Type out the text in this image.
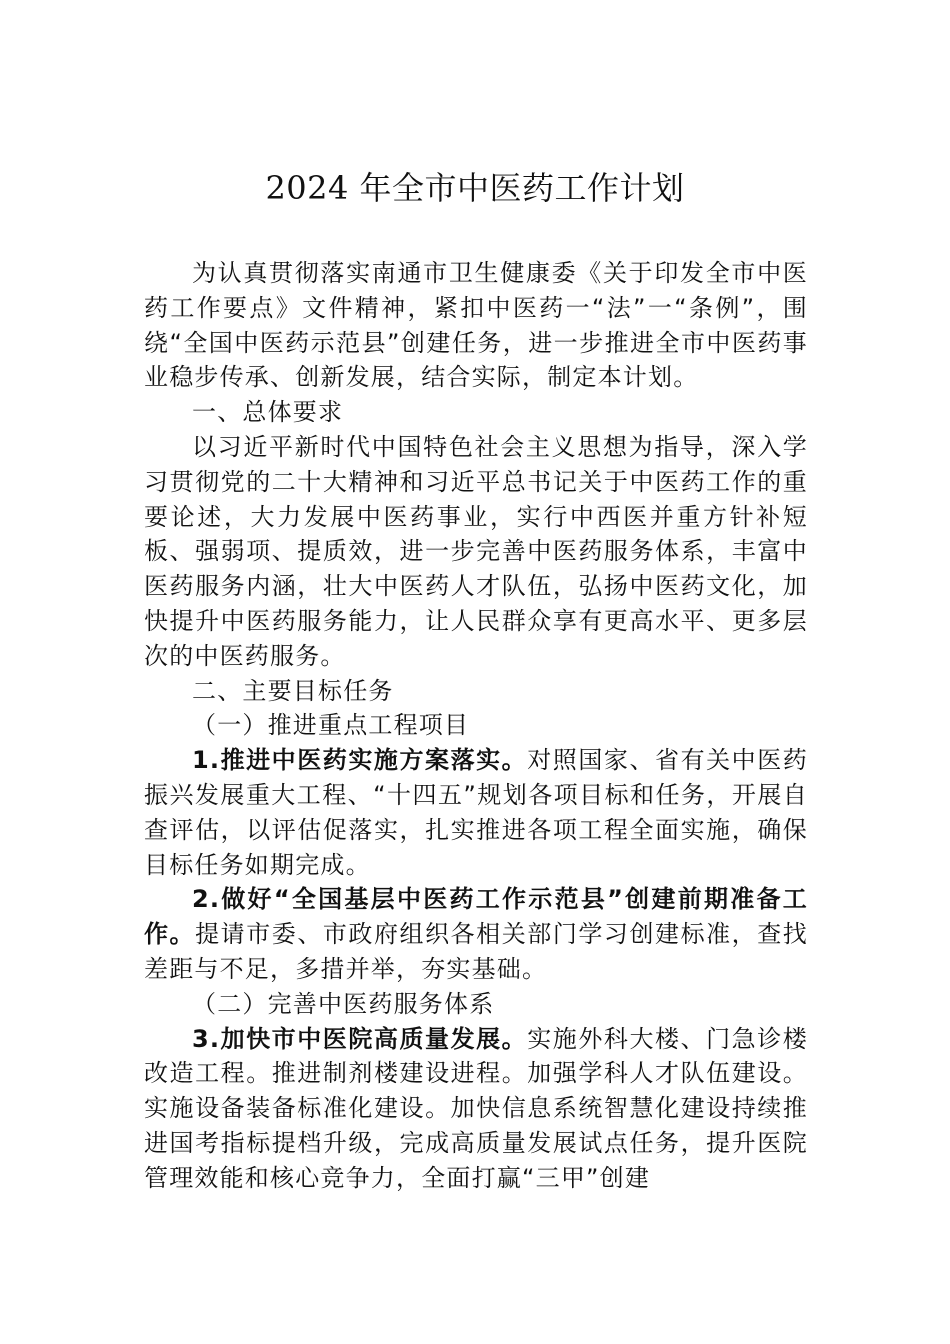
2024 年全市中医药工作计划

为认真贯彻落实南通市卫生健康委《关于印发全市中医药工作要点》文件精神，紧扣中医药一“法”一“条例”，围绕“全国中医药示范县”创建任务，进一步推进全市中医药事业稳步传承、创新发展，结合实际，制定本计划。

一、总体要求

以习近平新时代中国特色社会主义思想为指导，深入学习贯彻党的二十大精神和习近平总书记关于中医药工作的重要论述，大力发展中医药事业，实行中西医并重方针补短板、强弱项、提质效，进一步完善中医药服务体系，丰富中医药服务内涵，壮大中医药人才队伍，弘扬中医药文化，加快提升中医药服务能力，让人民群众享有更高水平、更多层次的中医药服务。

二、主要目标任务

（一）推进重点工程项目

1.推进中医药实施方案落实。对照国家、省有关中医药振兴发展重大工程、“十四五”规划各项目标和任务，开展自查评估，以评估促落实，扎实推进各项工程全面实施，确保目标任务如期完成。

2.做好“全国基层中医药工作示范县”创建前期准备工作。提请市委、市政府组织各相关部门学习创建标准，查找差距与不足，多措并举，夯实基础。

（二）完善中医药服务体系

3.加快市中医院高质量发展。实施外科大楼、门急诊楼改造工程。推进制剂楼建设进程。加强学科人才队伍建设。实施设备装备标准化建设。加快信息系统智慧化建设持续推进国考指标提档升级，完成高质量发展试点任务，提升医院管理效能和核心竞争力，全面打赢“三甲”创建
